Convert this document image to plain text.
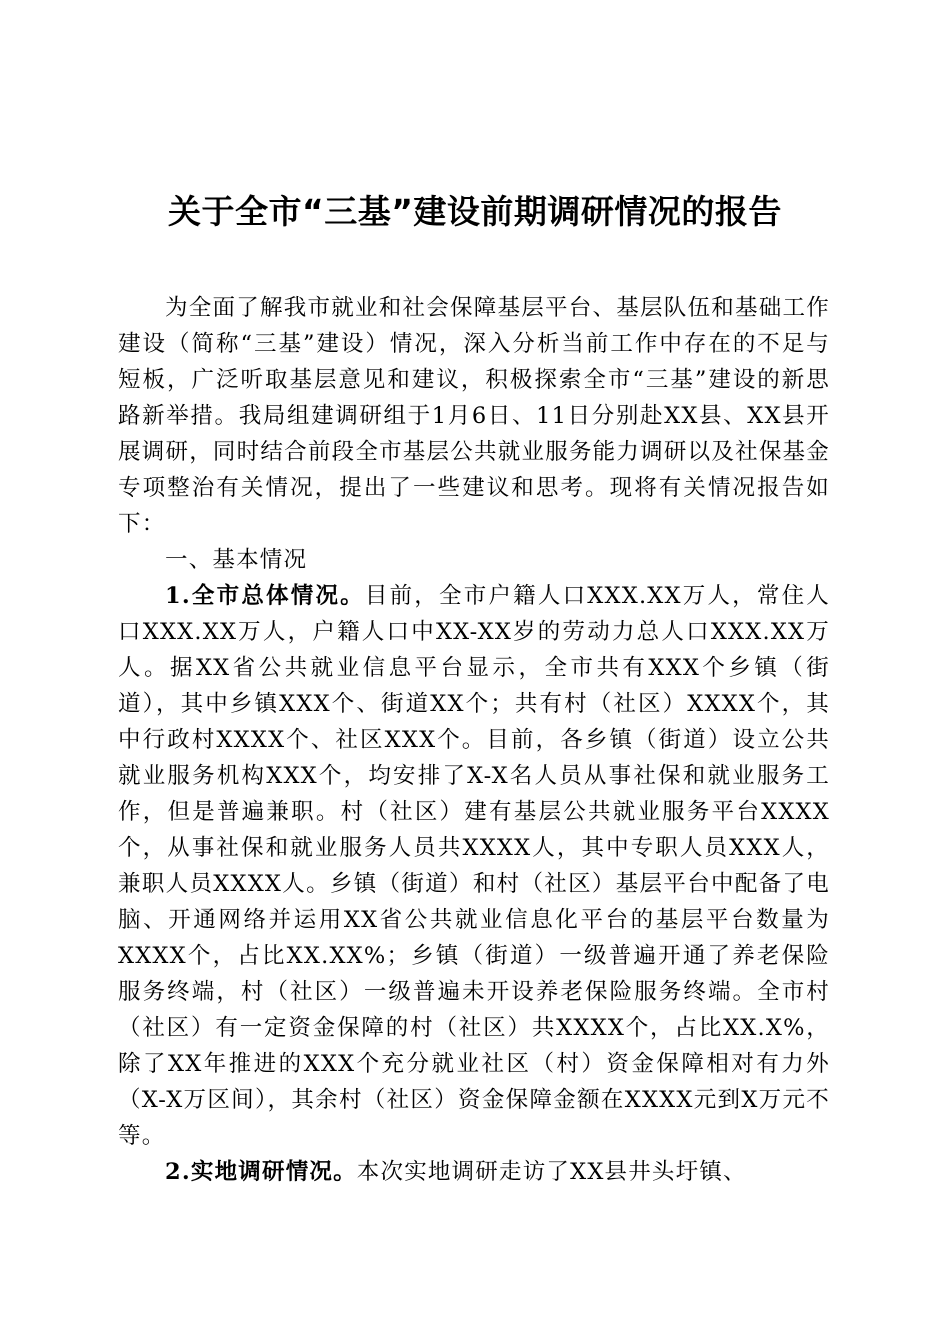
关于全市“三基”建设前期调研情况的报告

为全面了解我市就业和社会保障基层平台、基层队伍和基础工作建设（简称“三基”建设）情况，深入分析当前工作中存在的不足与短板，广泛听取基层意见和建议，积极探索全市“三基”建设的新思路新举措。我局组建调研组于1月6日、11日分别赴XX县、XX县开展调研，同时结合前段全市基层公共就业服务能力调研以及社保基金专项整治有关情况，提出了一些建议和思考。现将有关情况报告如下：

一、基本情况

1.全市总体情况。目前，全市户籍人口XXX.XX万人，常住人口XXX.XX万人，户籍人口中XX-XX岁的劳动力总人口XXX.XX万人。据XX省公共就业信息平台显示，全市共有XXX个乡镇（街道），其中乡镇XXX个、街道XX个；共有村（社区）XXXX个，其中行政村XXXX个、社区XXX个。目前，各乡镇（街道）设立公共就业服务机构XXX个，均安排了X-X名人员从事社保和就业服务工作，但是普遍兼职。村（社区）建有基层公共就业服务平台XXXX个，从事社保和就业服务人员共XXXX人，其中专职人员XXX人，兼职人员XXXX人。乡镇（街道）和村（社区）基层平台中配备了电脑、开通网络并运用XX省公共就业信息化平台的基层平台数量为XXXX个，占比XX.XX%；乡镇（街道）一级普遍开通了养老保险服务终端，村（社区）一级普遍未开设养老保险服务终端。全市村（社区）有一定资金保障的村（社区）共XXXX个，占比XX.X%，除了XX年推进的XXX个充分就业社区（村）资金保障相对有力外（X-X万区间），其余村（社区）资金保障金额在XXXX元到X万元不等。

2.实地调研情况。本次实地调研走访了XX县井头圩镇、
